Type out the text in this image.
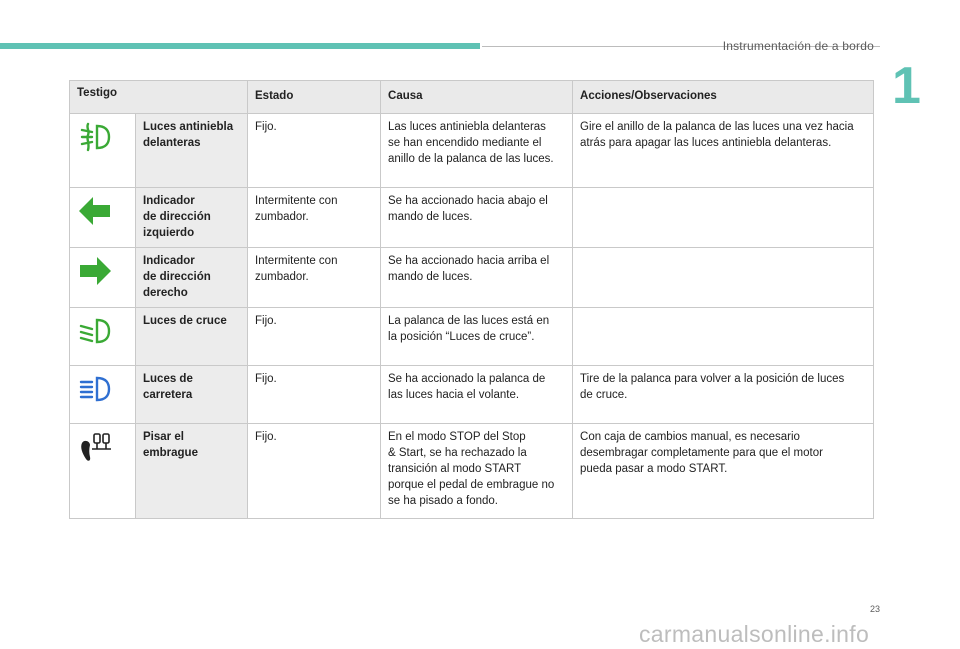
Instrumentación de a bordo
1
Testigo		Estado	Causa	Acciones/Observaciones

	Luces antiniebla
delanteras	Fijo.	Las luces antiniebla delanteras
se han encendido mediante el
anillo de la palanca de las luces.	Gire el anillo de la palanca de las luces una vez hacia
atrás para apagar las luces antiniebla delanteras.

	Indicador
de dirección
izquierdo	Intermitente con
zumbador.	Se ha accionado hacia abajo el
mando de luces.	

	Indicador
de dirección
derecho	Intermitente con
zumbador.	Se ha accionado hacia arriba el
mando de luces.	

	Luces de cruce	Fijo.	La palanca de las luces está en
la posición “Luces de cruce”.	

	Luces de
carretera	Fijo.	Se ha accionado la palanca de
las luces hacia el volante.	Tire de la palanca para volver a la posición de luces
de cruce.

	Pisar el
embrague	Fijo.	En el modo STOP del Stop
& Start, se ha rechazado la
transición al modo START
porque el pedal de embrague no
se ha pisado a fondo.	Con caja de cambios manual, es necesario
desembragar completamente para que el motor
pueda pasar a modo START.
23
carmanualsonline.info
